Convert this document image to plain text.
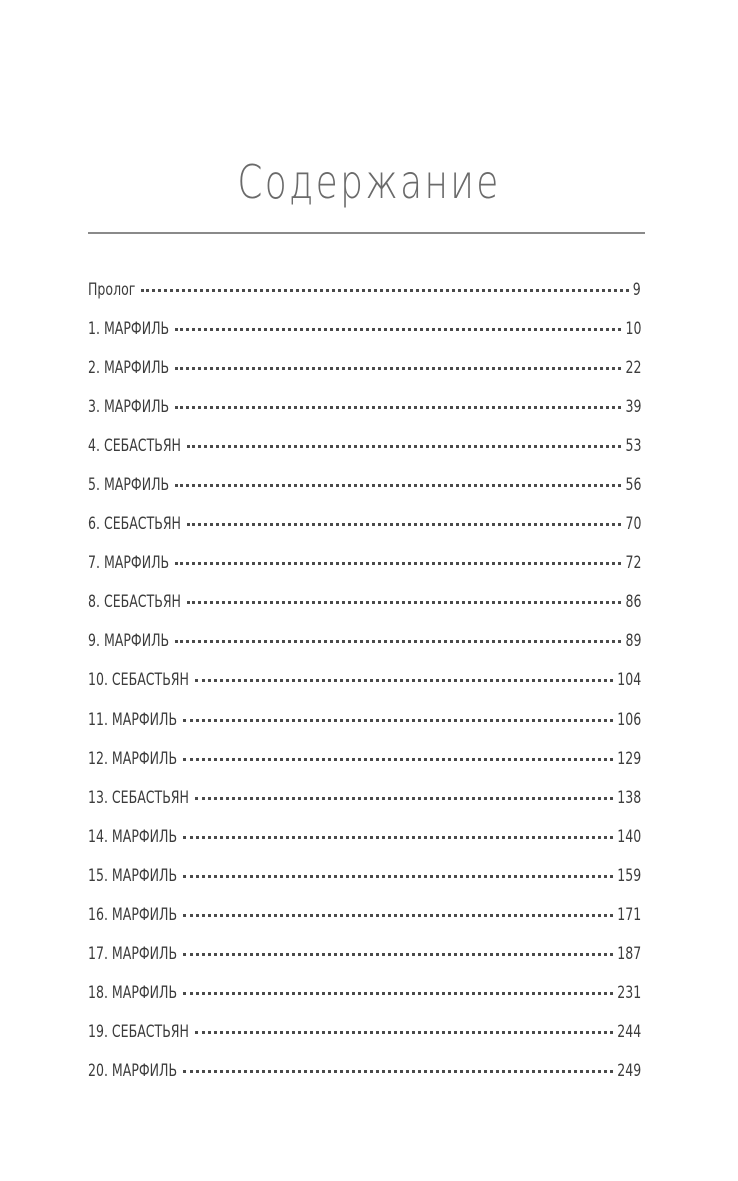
Содержание
Пролог	9
1. МАРФИЛЬ	10
2. МАРФИЛЬ	22
3. МАРФИЛЬ	39
4. СЕБАСТЬЯН	53
5. МАРФИЛЬ	56
6. СЕБАСТЬЯН	70
7. МАРФИЛЬ	72
8. СЕБАСТЬЯН	86
9. МАРФИЛЬ	89
10. СЕБАСТЬЯН	104
11. МАРФИЛЬ	106
12. МАРФИЛЬ	129
13. СЕБАСТЬЯН	138
14. МАРФИЛЬ	140
15. МАРФИЛЬ	159
16. МАРФИЛЬ	171
17. МАРФИЛЬ	187
18. МАРФИЛЬ	231
19. СЕБАСТЬЯН	244
20. МАРФИЛЬ	249
